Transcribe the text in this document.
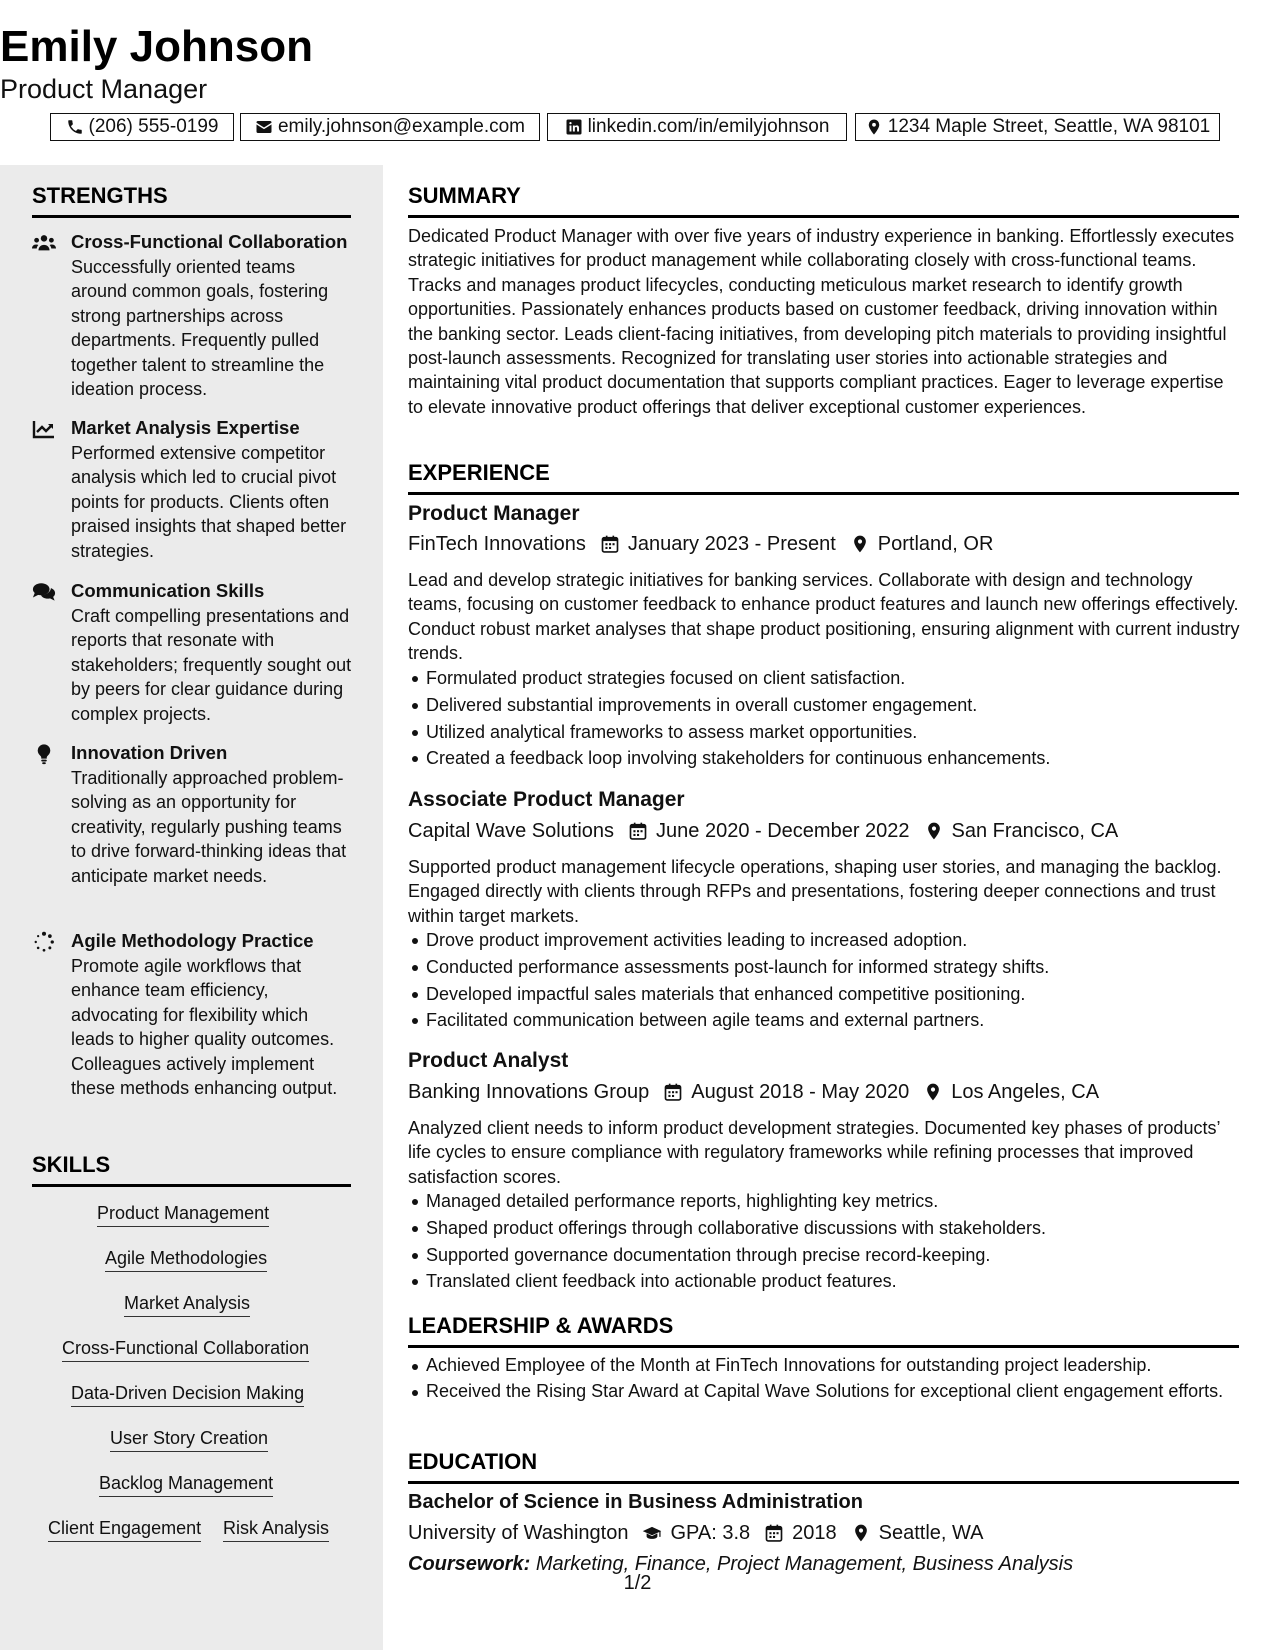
Emily Johnson
Product Manager
(206) 555-0199	emily.johnson@example.com	linkedin.com/in/emilyjohnson	1234 Maple Street, Seattle, WA 98101
STRENGTHS
Cross-Functional Collaboration
Successfully oriented teams around common goals, fostering strong partnerships across departments. Frequently pulled together talent to streamline the ideation process.
Market Analysis Expertise
Performed extensive competitor analysis which led to crucial pivot points for products. Clients often praised insights that shaped better strategies.
Communication Skills
Craft compelling presentations and reports that resonate with stakeholders; frequently sought out by peers for clear guidance during complex projects.
Innovation Driven
Traditionally approached problem-solving as an opportunity for creativity, regularly pushing teams to drive forward-thinking ideas that anticipate market needs.
Agile Methodology Practice
Promote agile workflows that enhance team efficiency, advocating for flexibility which leads to higher quality outcomes. Colleagues actively implement these methods enhancing output.
SKILLS
Product Management
Agile Methodologies
Market Analysis
Cross-Functional Collaboration
Data-Driven Decision Making
User Story Creation
Backlog Management
Client Engagement Risk Analysis
SUMMARY
Dedicated Product Manager with over five years of industry experience in banking. Effortlessly executes strategic initiatives for product management while collaborating closely with cross-functional teams. Tracks and manages product lifecycles, conducting meticulous market research to identify growth opportunities. Passionately enhances products based on customer feedback, driving innovation within the banking sector. Leads client-facing initiatives, from developing pitch materials to providing insightful post-launch assessments. Recognized for translating user stories into actionable strategies and maintaining vital product documentation that supports compliant practices. Eager to leverage expertise to elevate innovative product offerings that deliver exceptional customer experiences.
EXPERIENCE
Product Manager
FinTech Innovations January 2023 - Present Portland, OR
Lead and develop strategic initiatives for banking services. Collaborate with design and technology teams, focusing on customer feedback to enhance product features and launch new offerings effectively. Conduct robust market analyses that shape product positioning, ensuring alignment with current industry trends.
Formulated product strategies focused on client satisfaction.
Delivered substantial improvements in overall customer engagement.
Utilized analytical frameworks to assess market opportunities.
Created a feedback loop involving stakeholders for continuous enhancements.
Associate Product Manager
Capital Wave Solutions June 2020 - December 2022 San Francisco, CA
Supported product management lifecycle operations, shaping user stories, and managing the backlog. Engaged directly with clients through RFPs and presentations, fostering deeper connections and trust within target markets.
Drove product improvement activities leading to increased adoption.
Conducted performance assessments post-launch for informed strategy shifts.
Developed impactful sales materials that enhanced competitive positioning.
Facilitated communication between agile teams and external partners.
Product Analyst
Banking Innovations Group August 2018 - May 2020 Los Angeles, CA
Analyzed client needs to inform product development strategies. Documented key phases of products’ life cycles to ensure compliance with regulatory frameworks while refining processes that improved satisfaction scores.
Managed detailed performance reports, highlighting key metrics.
Shaped product offerings through collaborative discussions with stakeholders.
Supported governance documentation through precise record-keeping.
Translated client feedback into actionable product features.
LEADERSHIP & AWARDS
Achieved Employee of the Month at FinTech Innovations for outstanding project leadership.
Received the Rising Star Award at Capital Wave Solutions for exceptional client engagement efforts.
EDUCATION
Bachelor of Science in Business Administration
University of Washington GPA: 3.8 2018 Seattle, WA
Coursework: Marketing, Finance, Project Management, Business Analysis
1/2
